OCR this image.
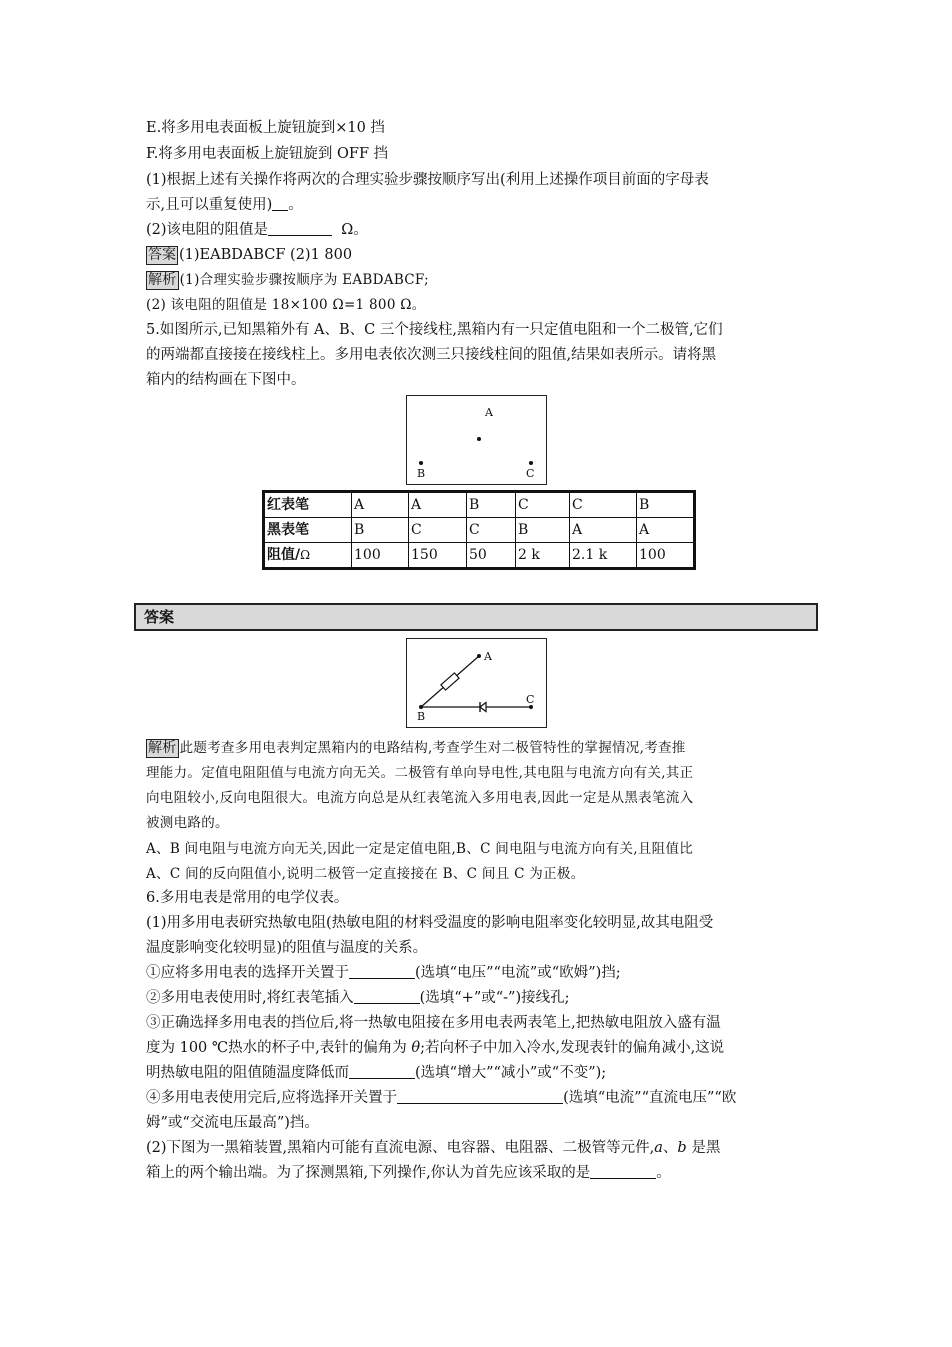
E.将多用电表面板上旋钮旋到×10 挡
F.将多用电表面板上旋钮旋到 OFF 挡
(1)根据上述有关操作将两次的合理实验步骤按顺序写出(利用上述操作项目前面的字母表
示,且可以重复使用) 。
(2)该电阻的阻值是	Ω。
答案 (1)EABDABCF (2)1 800
解析 (1)合理实验步骤按顺序为 EABDABCF;
(2) 该电阻的阻值是 18×100 Ω=1 800 Ω。
5.如图所示,已知黑箱外有 A、B、C 三个接线柱,黑箱内有一只定值电阻和一个二极管,它们
的两端都直接接在接线柱上。多用电表依次测三只接线柱间的阻值,结果如表所示。请将黑
箱内的结构画在下图中。
A
B	C
红表笔	A	A	B	C	C	B
黑表笔	B	C	C	B	A	A
阻值/Ω	100	150	50	2 k	2.1 k	100
答案
A
B
C
解析 此题考查多用电表判定黑箱内的电路结构,考查学生对二极管特性的掌握情况,考查推
理能力。定值电阻阻值与电流方向无关。二极管有单向导电性,其电阻与电流方向有关,其正
向电阻较小,反向电阻很大。电流方向总是从红表笔流入多用电表,因此一定是从黑表笔流入
被测电路的。
A、B 间电阻与电流方向无关,因此一定是定值电阻,B、C 间电阻与电流方向有关,且阻值比
A、C 间的反向阻值小,说明二极管一定直接接在 B、C 间且 C 为正极。
6.多用电表是常用的电学仪表。
(1)用多用电表研究热敏电阻(热敏电阻的材料受温度的影响电阻率变化较明显,故其电阻受
温度影响变化较明显)的阻值与温度的关系。
①应将多用电表的选择开关置于	(选填“电压”“电流”或“欧姆”)挡;
②多用电表使用时,将红表笔插入	(选填“+”或“-”)接线孔;
③正确选择多用电表的挡位后,将一热敏电阻接在多用电表两表笔上,把热敏电阻放入盛有温
度为 100 ℃热水的杯子中,表针的偏角为 θ;若向杯子中加入冷水,发现表针的偏角减小,这说
明热敏电阻的阻值随温度降低而	(选填“增大”“减小”或“不变”);
④多用电表使用完后,应将选择开关置于	(选填“电流”“直流电压”“欧
姆”或“交流电压最高”)挡。
(2)下图为一黑箱装置,黑箱内可能有直流电源、电容器、电阻器、二极管等元件,a、b 是黑
箱上的两个输出端。为了探测黑箱,下列操作,你认为首先应该采取的是	。
